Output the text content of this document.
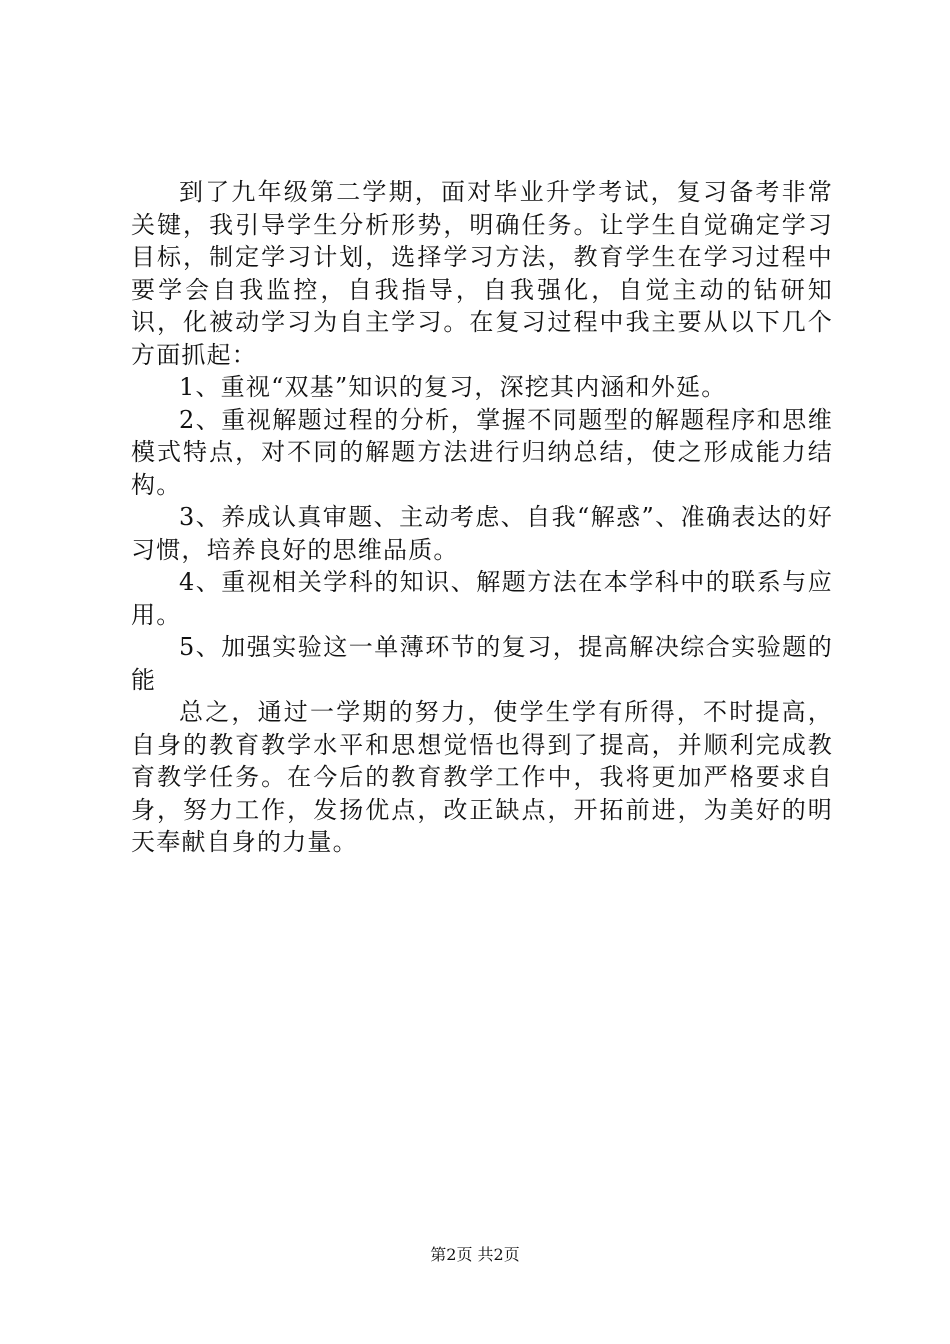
到了九年级第二学期，面对毕业升学考试，复习备考非常关键，我引导学生分析形势，明确任务。让学生自觉确定学习目标，制定学习计划，选择学习方法，教育学生在学习过程中要学会自我监控，自我指导，自我强化，自觉主动的钻研知识，化被动学习为自主学习。在复习过程中我主要从以下几个方面抓起：

1、重视“双基”知识的复习，深挖其内涵和外延。

2、重视解题过程的分析，掌握不同题型的解题程序和思维模式特点，对不同的解题方法进行归纳总结，使之形成能力结构。

3、养成认真审题、主动考虑、自我“解惑”、准确表达的好习惯，培养良好的思维品质。

4、重视相关学科的知识、解题方法在本学科中的联系与应用。

5、加强实验这一单薄环节的复习，提高解决综合实验题的能

总之，通过一学期的努力，使学生学有所得，不时提高，自身的教育教学水平和思想觉悟也得到了提高，并顺利完成教育教学任务。在今后的教育教学工作中，我将更加严格要求自身，努力工作，发扬优点，改正缺点，开拓前进，为美好的明天奉献自身的力量。

第2页 共2页
